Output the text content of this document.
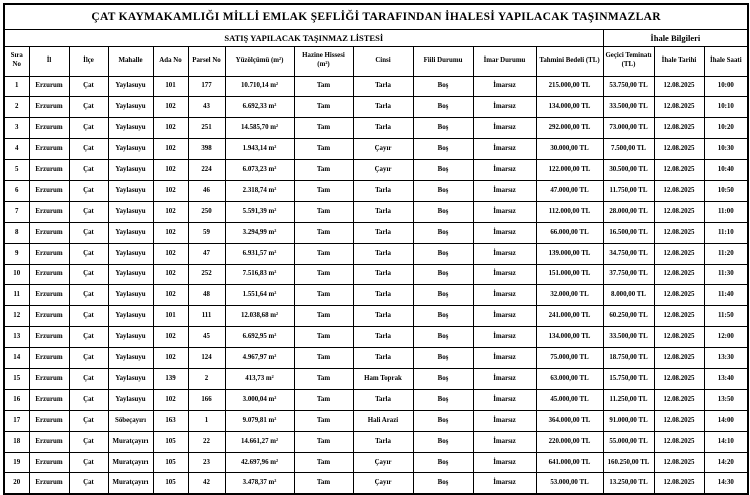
ÇAT KAYMAKAMLIĞI MİLLİ EMLAK ŞEFLİĞİ TARAFINDAN İHALESİ YAPILACAK TAŞINMAZLAR														
SATIŞ YAPILACAK TAŞINMAZ LİSTESİ												İhale Bilgileri		
Sıra No	İl	İlçe	Mahalle	Ada No	Parsel No	Yüzölçümü (m²)	Hazine Hissesi (m²)	Cinsi	Fiili Durumu	İmar Durumu	Tahmini Bedeli (TL)	Geçici Teminatı (TL)	İhale Tarihi	İhale Saati
1	Erzurum	Çat	Yaylasuyu	101	177	10.710,14 m²	Tam	Tarla	Boş	İmarsız	215.000,00 TL	53.750,00 TL	12.08.2025	10:00
2	Erzurum	Çat	Yaylasuyu	102	43	6.692,33 m²	Tam	Tarla	Boş	İmarsız	134.000,00 TL	33.500,00 TL	12.08.2025	10:10
3	Erzurum	Çat	Yaylasuyu	102	251	14.585,70 m²	Tam	Tarla	Boş	İmarsız	292.000,00 TL	73.000,00 TL	12.08.2025	10:20
4	Erzurum	Çat	Yaylasuyu	102	398	1.943,14 m²	Tam	Çayır	Boş	İmarsız	30.000,00 TL	7.500,00 TL	12.08.2025	10:30
5	Erzurum	Çat	Yaylasuyu	102	224	6.073,23 m²	Tam	Çayır	Boş	İmarsız	122.000,00 TL	30.500,00 TL	12.08.2025	10:40
6	Erzurum	Çat	Yaylasuyu	102	46	2.318,74 m²	Tam	Tarla	Boş	İmarsız	47.000,00 TL	11.750,00 TL	12.08.2025	10:50
7	Erzurum	Çat	Yaylasuyu	102	250	5.591,39 m²	Tam	Tarla	Boş	İmarsız	112.000,00 TL	28.000,00 TL	12.08.2025	11:00
8	Erzurum	Çat	Yaylasuyu	102	59	3.294,99 m²	Tam	Tarla	Boş	İmarsız	66.000,00 TL	16.500,00 TL	12.08.2025	11:10
9	Erzurum	Çat	Yaylasuyu	102	47	6.931,57 m²	Tam	Tarla	Boş	İmarsız	139.000,00 TL	34.750,00 TL	12.08.2025	11:20
10	Erzurum	Çat	Yaylasuyu	102	252	7.516,83 m²	Tam	Tarla	Boş	İmarsız	151.000,00 TL	37.750,00 TL	12.08.2025	11:30
11	Erzurum	Çat	Yaylasuyu	102	48	1.551,64 m²	Tam	Tarla	Boş	İmarsız	32.000,00 TL	8.000,00 TL	12.08.2025	11:40
12	Erzurum	Çat	Yaylasuyu	101	111	12.038,68 m²	Tam	Tarla	Boş	İmarsız	241.000,00 TL	60.250,00 TL	12.08.2025	11:50
13	Erzurum	Çat	Yaylasuyu	102	45	6.692,95 m²	Tam	Tarla	Boş	İmarsız	134.000,00 TL	33.500,00 TL	12.08.2025	12:00
14	Erzurum	Çat	Yaylasuyu	102	124	4.967,97 m²	Tam	Tarla	Boş	İmarsız	75.000,00 TL	18.750,00 TL	12.08.2025	13:30
15	Erzurum	Çat	Yaylasuyu	139	2	413,73 m²	Tam	Ham Toprak	Boş	İmarsız	63.000,00 TL	15.750,00 TL	12.08.2025	13:40
16	Erzurum	Çat	Yaylasuyu	102	166	3.000,04 m²	Tam	Tarla	Boş	İmarsız	45.000,00 TL	11.250,00 TL	12.08.2025	13:50
17	Erzurum	Çat	Söbeçayırı	163	1	9.079,81 m²	Tam	Hali Arazi	Boş	İmarsız	364.000,00 TL	91.000,00 TL	12.08.2025	14:00
18	Erzurum	Çat	Muratçayırı	105	22	14.661,27 m²	Tam	Tarla	Boş	İmarsız	220.000,00 TL	55.000,00 TL	12.08.2025	14:10
19	Erzurum	Çat	Muratçayırı	105	23	42.697,96 m²	Tam	Çayır	Boş	İmarsız	641.000,00 TL	160.250,00 TL	12.08.2025	14:20
20	Erzurum	Çat	Muratçayırı	105	42	3.478,37 m²	Tam	Çayır	Boş	İmarsız	53.000,00 TL	13.250,00 TL	12.08.2025	14:30
